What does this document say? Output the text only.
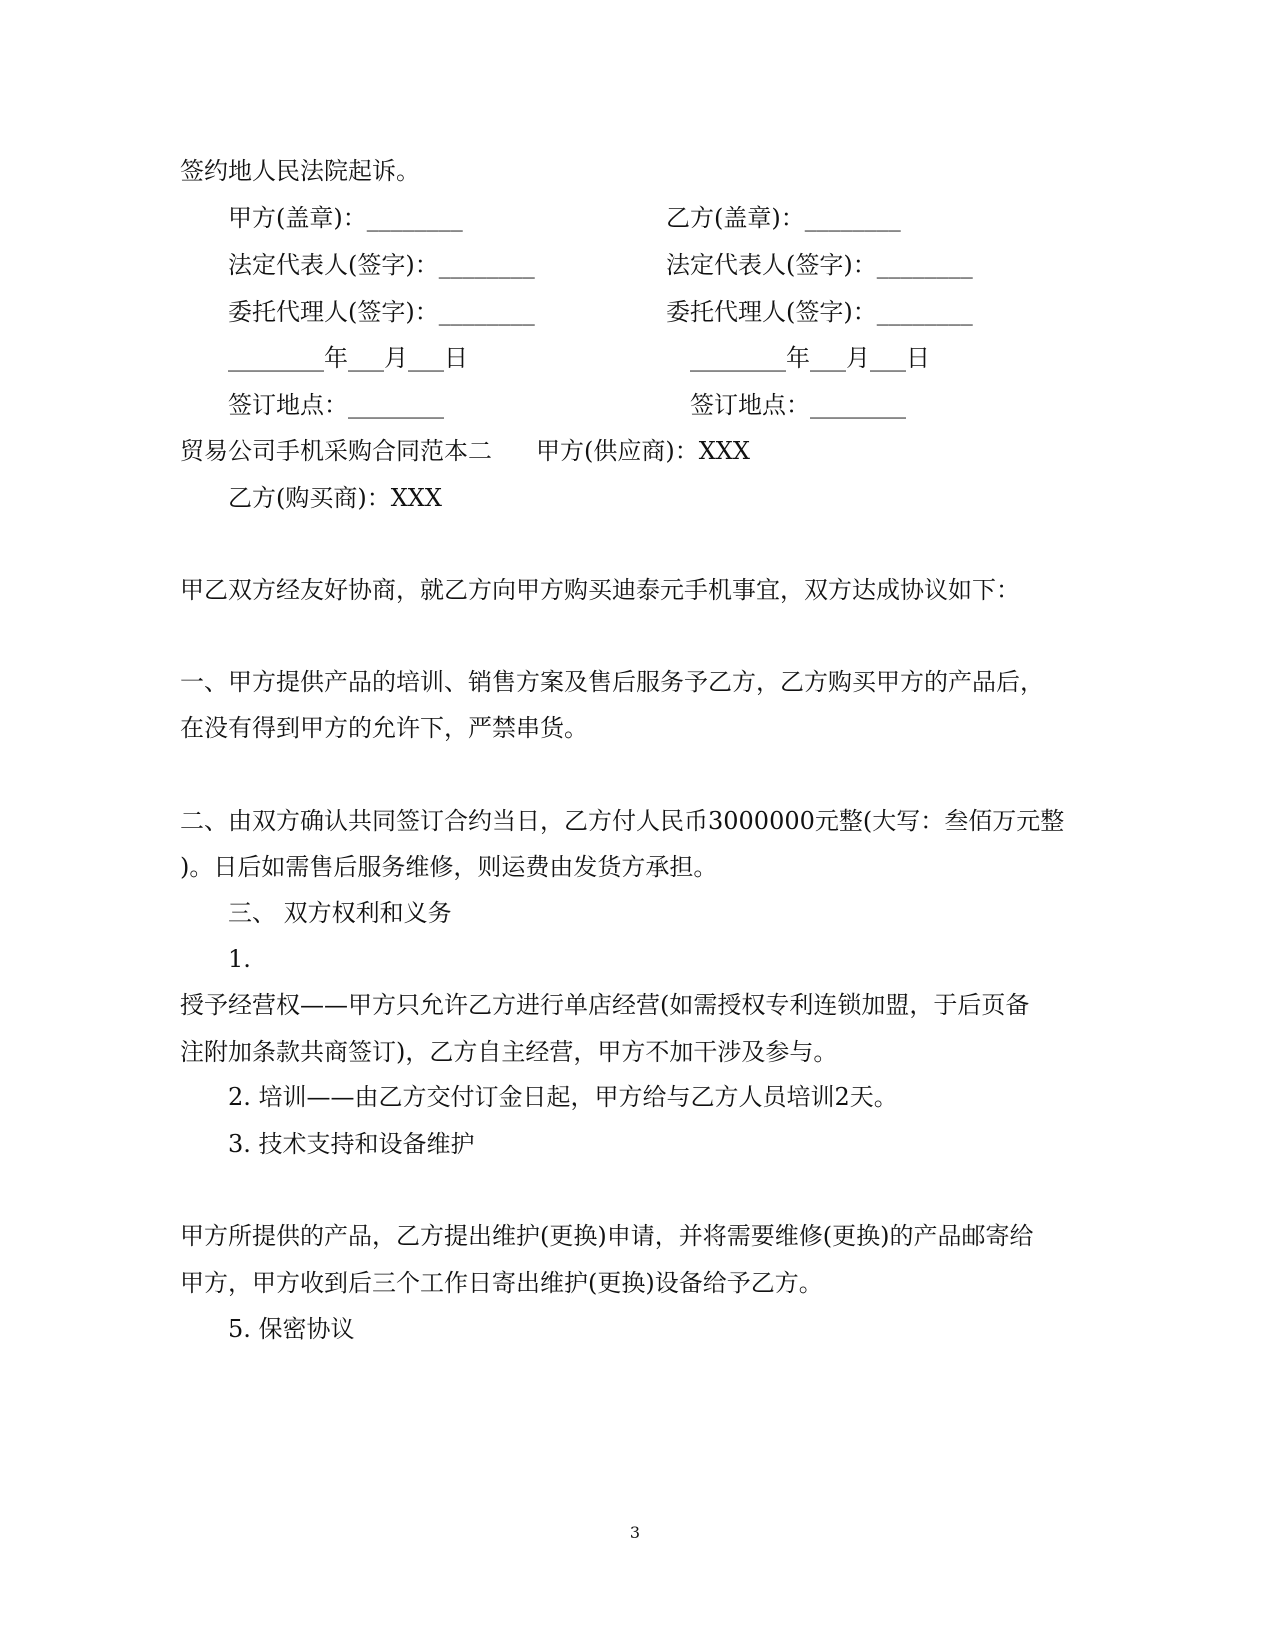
签约地人民法院起诉。
甲方(盖章)：________	乙方(盖章)：________
法定代表人(签字)：________	法定代表人(签字)：________
委托代理人(签字)：________	委托代理人(签字)：________
________年___月___日	________年___月___日
签订地点：________	签订地点：________
贸易公司手机采购合同范本二	甲方(供应商)：XXX
乙方(购买商)：XXX
甲乙双方经友好协商，就乙方向甲方购买迪泰元手机事宜，双方达成协议如下：
一、甲方提供产品的培训、销售方案及售后服务予乙方，乙方购买甲方的产品后，
在没有得到甲方的允许下，严禁串货。
二、由双方确认共同签订合约当日，乙方付人民币3000000元整(大写：叁佰万元整
)。日后如需售后服务维修，则运费由发货方承担。
三、 双方权利和义务
1.
授予经营权——甲方只允许乙方进行单店经营(如需授权专利连锁加盟，于后页备
注附加条款共商签订)，乙方自主经营，甲方不加干涉及参与。
2. 培训——由乙方交付订金日起，甲方给与乙方人员培训2天。
3. 技术支持和设备维护
甲方所提供的产品，乙方提出维护(更换)申请，并将需要维修(更换)的产品邮寄给
甲方，甲方收到后三个工作日寄出维护(更换)设备给予乙方。
5. 保密协议
3
